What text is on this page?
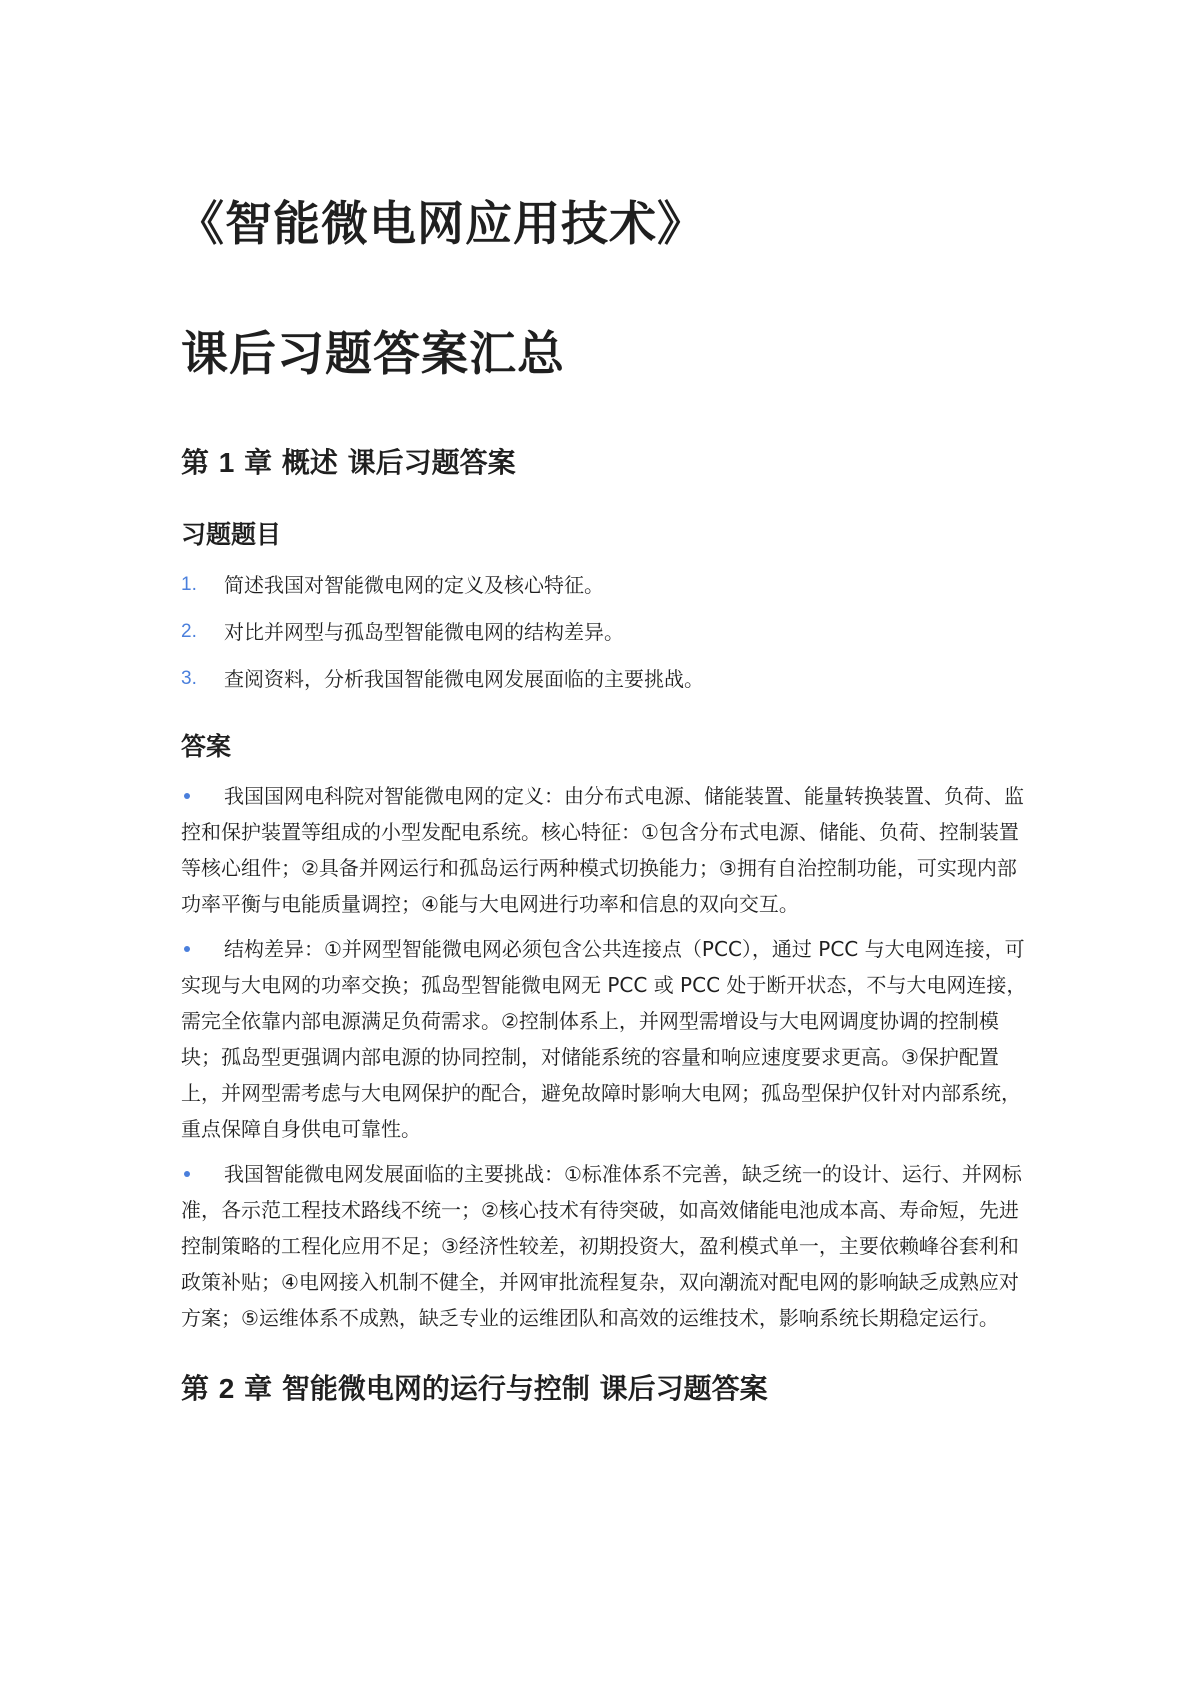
《智能微电网应用技术》
课后习题答案汇总
第 1 章 概述 课后习题答案
习题题目
1.	简述我国对智能微电网的定义及核心特征。
2.	对比并网型与孤岛型智能微电网的结构差异。
3.	查阅资料，分析我国智能微电网发展面临的主要挑战。
答案
我国国网电科院对智能微电网的定义：由分布式电源、储能装置、能量转换装置、负荷、监控和保护装置等组成的小型发配电系统。核心特征：①包含分布式电源、储能、负荷、控制装置等核心组件；②具备并网运行和孤岛运行两种模式切换能力；③拥有自治控制功能，可实现内部功率平衡与电能质量调控；④能与大电网进行功率和信息的双向交互。
结构差异：①并网型智能微电网必须包含公共连接点（PCC），通过 PCC 与大电网连接，可实现与大电网的功率交换；孤岛型智能微电网无 PCC 或 PCC 处于断开状态，不与大电网连接，需完全依靠内部电源满足负荷需求。②控制体系上，并网型需增设与大电网调度协调的控制模块；孤岛型更强调内部电源的协同控制，对储能系统的容量和响应速度要求更高。③保护配置上，并网型需考虑与大电网保护的配合，避免故障时影响大电网；孤岛型保护仅针对内部系统，重点保障自身供电可靠性。
我国智能微电网发展面临的主要挑战：①标准体系不完善，缺乏统一的设计、运行、并网标准，各示范工程技术路线不统一；②核心技术有待突破，如高效储能电池成本高、寿命短，先进控制策略的工程化应用不足；③经济性较差，初期投资大，盈利模式单一，主要依赖峰谷套利和政策补贴；④电网接入机制不健全，并网审批流程复杂，双向潮流对配电网的影响缺乏成熟应对方案；⑤运维体系不成熟，缺乏专业的运维团队和高效的运维技术，影响系统长期稳定运行。
第 2 章 智能微电网的运行与控制 课后习题答案
